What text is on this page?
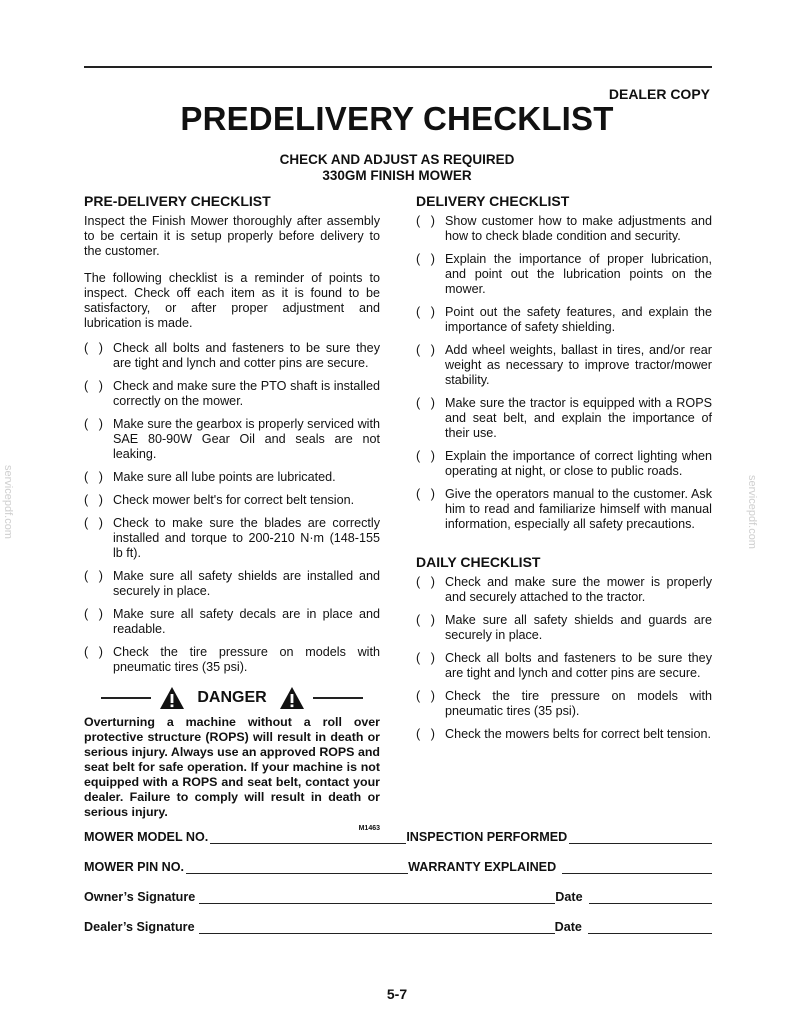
DEALER COPY
PREDELIVERY CHECKLIST
CHECK AND ADJUST AS REQUIRED
330GM FINISH MOWER
servicepdf.com	servicepdf.com
PRE-DELIVERY CHECKLIST

Inspect the Finish Mower thoroughly after assembly to be certain it is setup properly before delivery to the customer.

The following checklist is a reminder of points to inspect. Check off each item as it is found to be satisfactory, or after proper adjustment and lubrication is made.

(   ) Check all bolts and fasteners to be sure they are tight and lynch and cotter pins are secure.
(   ) Check and make sure the PTO shaft is installed correctly on the mower.
(   ) Make sure the gearbox is properly serviced with SAE 80-90W Gear Oil and seals are not leaking.
(   ) Make sure all lube points are lubricated.
(   ) Check mower belt's for correct belt tension.
(   ) Check to make sure the blades are correctly installed and torque to 200-210 N·m (148-155 lb ft).
(   ) Make sure all safety shields are installed and securely in place.
(   ) Make sure all safety decals are in place and readable.
(   ) Check the tire pressure on models with pneumatic tires (35 psi).
DANGER
Overturning a machine without a roll over protective structure (ROPS) will result in death or serious injury. Always use an approved ROPS and seat belt for safe operation. If your machine is not equipped with a ROPS and seat belt, contact your dealer. Failure to comply will result in death or serious injury.
M1463
DELIVERY CHECKLIST
(   ) Show customer how to make adjustments and how to check blade condition and security.
(   ) Explain the importance of proper lubrication, and point out the lubrication points on the mower.
(   ) Point out the safety features, and explain the importance of safety shielding.
(   ) Add wheel weights, ballast in tires, and/or rear weight as necessary to improve tractor/mower stability.
(   ) Make sure the tractor is equipped with a ROPS and seat belt, and explain the importance of their use.
(   ) Explain the importance of correct lighting when operating at night, or close to public roads.
(   ) Give the operators manual to the customer. Ask him to read and familiarize himself with manual information, especially all safety precautions.
DAILY CHECKLIST
(   ) Check and make sure the mower is properly and securely attached to the tractor.
(   ) Make sure all safety shields and guards are securely in place.
(   ) Check all bolts and fasteners to be sure they are tight and lynch and cotter pins are secure.
(   ) Check the tire pressure on models with pneumatic tires (35 psi).
(   ) Check the mowers belts for correct belt tension.
MOWER MODEL NO.	INSPECTION PERFORMED
MOWER PIN NO.	WARRANTY EXPLAINED
Owner’s Signature	Date
Dealer’s Signature	Date
5-7
